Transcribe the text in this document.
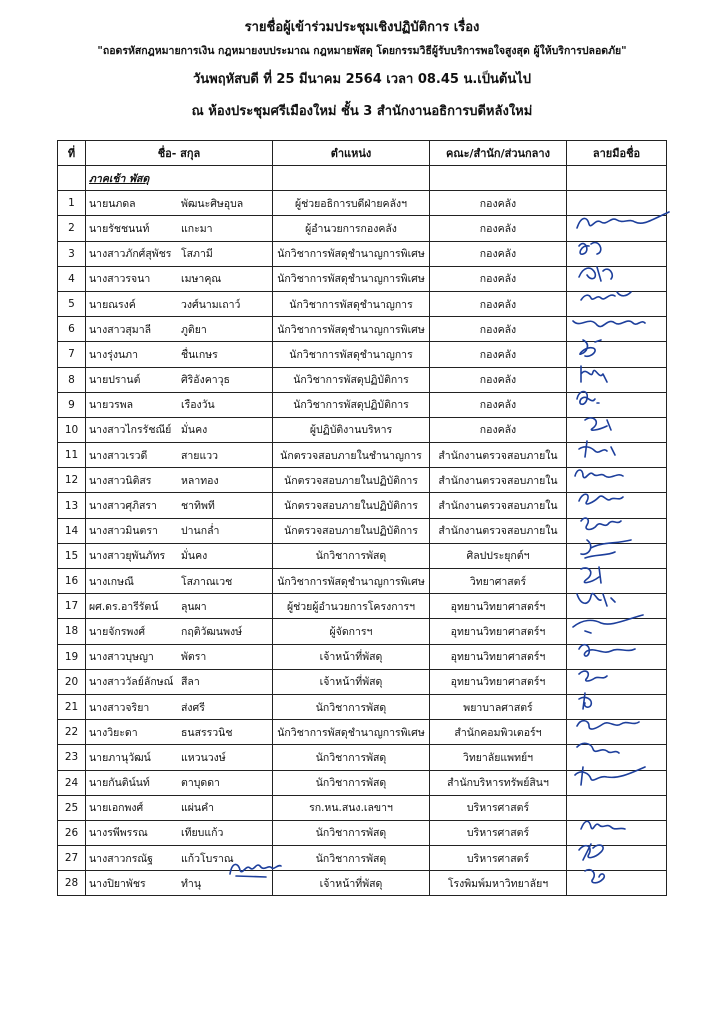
รายชื่อผู้เข้าร่วมประชุมเชิงปฏิบัติการ เรื่อง
"ถอดรหัสกฎหมายการเงิน กฎหมายงบประมาณ กฎหมายพัสดุ โดยกรรมวิธีผู้รับบริการพอใจสูงสุด ผู้ให้บริการปลอดภัย"
วันพฤหัสบดี ที่ 25 มีนาคม 2564 เวลา 08.45 น.เป็นต้นไป
ณ ห้องประชุมศรีเมืองใหม่ ชั้น 3 สำนักงานอธิการบดีหลังใหม่
ที่	ชื่อ- สกุล	ตำแหน่ง	คณะ/สำนัก/ส่วนกลาง	ลายมือชื่อ
	ภาคเช้า พัสดุ			
1	นายนภดล พัฒนะศิษอุบล	ผู้ช่วยอธิการบดีฝ่ายคลังฯ	กองคลัง	
2	นายรัชชนนท์ แกะมา	ผู้อำนวยการกองคลัง	กองคลัง	

3	นางสาวภักศ์สุพัชร โสภามี	นักวิชาการพัสดุชำนาญการพิเศษ	กองคลัง	

4	นางสาวรจนา เมษาคุณ	นักวิชาการพัสดุชำนาญการพิเศษ	กองคลัง	

5	นายณรงค์ วงศ์นามเถาว์	นักวิชาการพัสดุชำนาญการ	กองคลัง	

6	นางสาวสุมาลี ภูติยา	นักวิชาการพัสดุชำนาญการพิเศษ	กองคลัง	

7	นางรุ่งนภา ชื่นเกษร	นักวิชาการพัสดุชำนาญการ	กองคลัง	

8	นายปรานต์ ศิริอังคาวุธ	นักวิชาการพัสดุปฏิบัติการ	กองคลัง	

9	นายวรพล เรืองวัน	นักวิชาการพัสดุปฏิบัติการ	กองคลัง	

10	นางสาวไกรรัชณีย์ มั่นคง	ผู้ปฏิบัติงานบริหาร	กองคลัง	

11	นางสาวเรวดี สายแวว	นักตรวจสอบภายในชำนาญการ	สำนักงานตรวจสอบภายใน	

12	นางสาวนิติสร หลาทอง	นักตรวจสอบภายในปฏิบัติการ	สำนักงานตรวจสอบภายใน	

13	นางสาวศุภิสรา ชาทิพที	นักตรวจสอบภายในปฏิบัติการ	สำนักงานตรวจสอบภายใน	

14	นางสาวมินตรา ปานกล่ำ	นักตรวจสอบภายในปฏิบัติการ	สำนักงานตรวจสอบภายใน	

15	นางสาวยุพันภัทร มั่นคง	นักวิชาการพัสดุ	ศิลปประยุกต์ฯ	

16	นางเกษณี โสภาณเวช	นักวิชาการพัสดุชำนาญการพิเศษ	วิทยาศาสตร์	

17	ผศ.ดร.อารีรัตน์ ลุนผา	ผู้ช่วยผู้อำนวยการโครงการฯ	อุทยานวิทยาศาสตร์ฯ	

18	นายจักรพงศ์ กฤติวัฒนพงษ์	ผู้จัดการฯ	อุทยานวิทยาศาสตร์ฯ	

19	นางสาวบุษญา พัตรา	เจ้าหน้าที่พัสดุ	อุทยานวิทยาศาสตร์ฯ	

20	นางสาววัลย์ลักษณ์ สีลา	เจ้าหน้าที่พัสดุ	อุทยานวิทยาศาสตร์ฯ	

21	นางสาวจริยา ส่งศรี	นักวิชาการพัสดุ	พยาบาลศาสตร์	

22	นางวิยะดา ธนสรรวนิช	นักวิชาการพัสดุชำนาญการพิเศษ	สำนักคอมพิวเตอร์ฯ	

23	นายภานุวัฒน์ แหวนวงษ์	นักวิชาการพัสดุ	วิทยาลัยแพทย์ฯ	

24	นายกันติน์นท์ ตาบุดดา	นักวิชาการพัสดุ	สำนักบริหารทรัพย์สินฯ	

25	นายเอกพงศ์ แผ่นคำ	รก.หน.สนง.เลขาฯ	บริหารศาสตร์	
26	นางรพีพรรณ เทียบแก้ว	นักวิชาการพัสดุ	บริหารศาสตร์	

27	นางสาวกรณัฐ แก้วโบราณ	นักวิชาการพัสดุ	บริหารศาสตร์	

28	นางปิยาพัชร ทำนุ	เจ้าหน้าที่พัสดุ	โรงพิมพ์มหาวิทยาลัยฯ	
